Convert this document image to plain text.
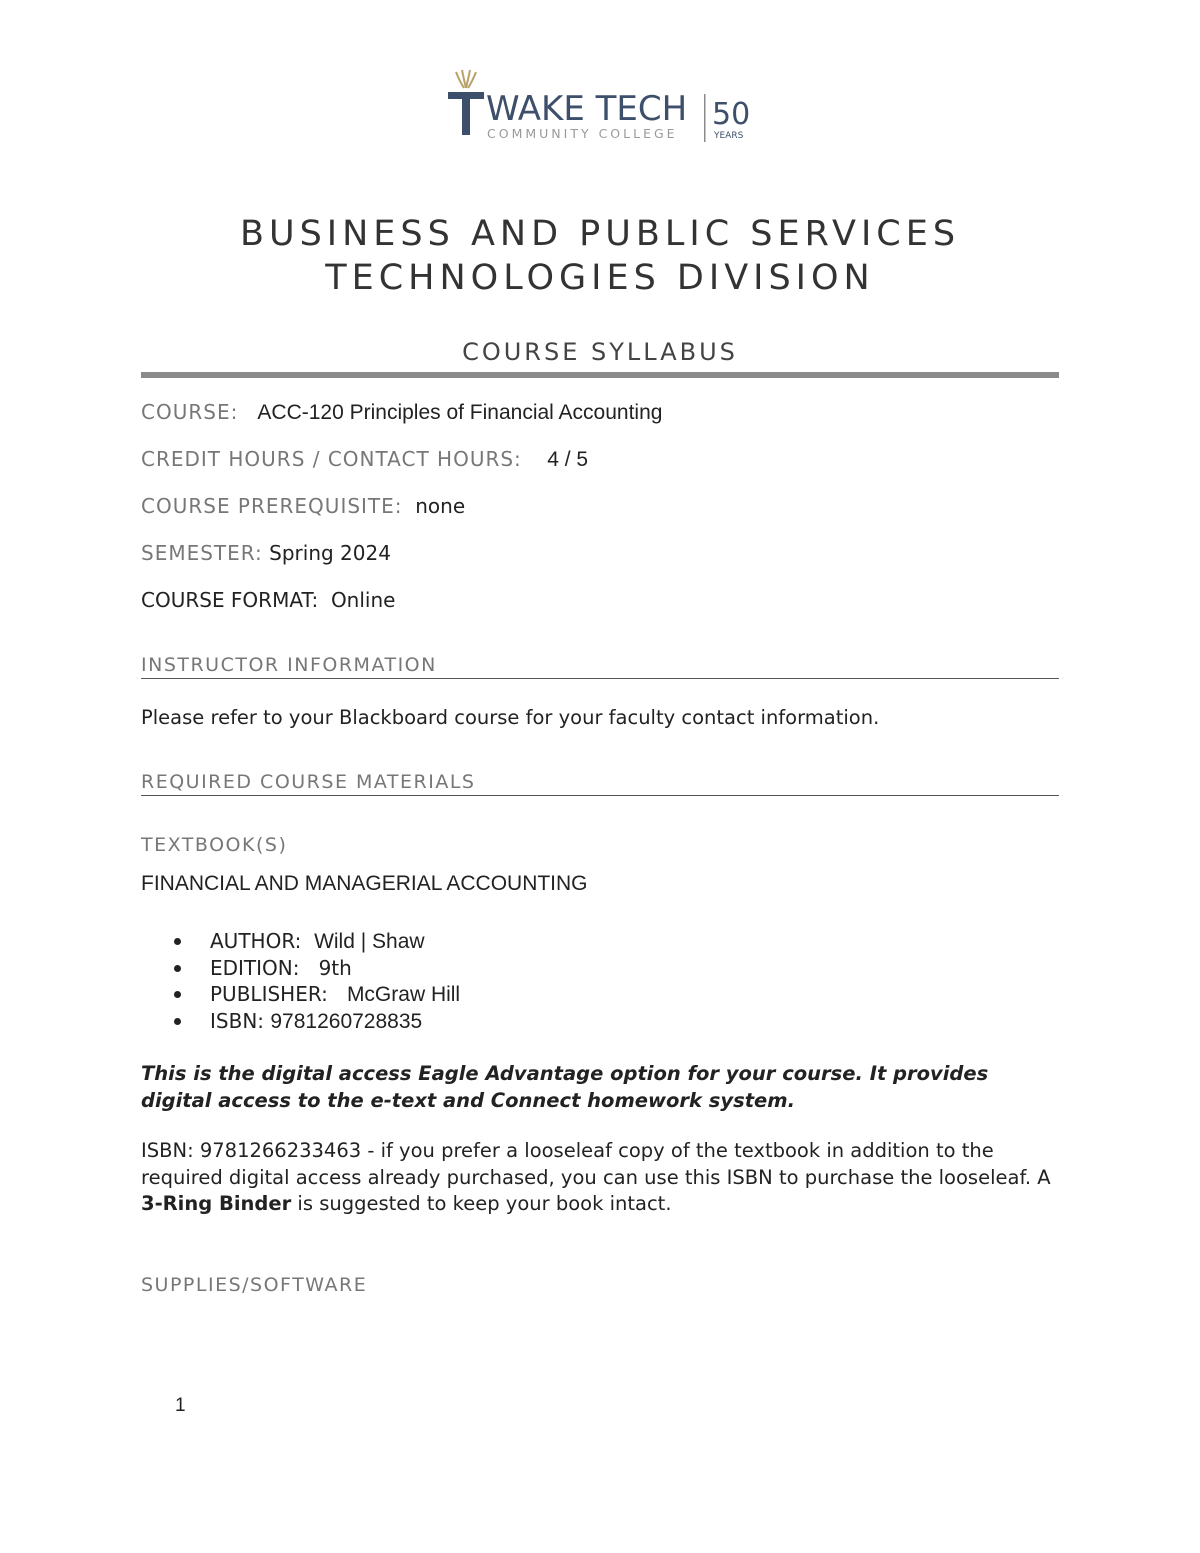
WAKE TECH
COMMUNITY COLLEGE
50
YEARS
BUSINESS AND PUBLIC SERVICES
TECHNOLOGIES DIVISION
COURSE SYLLABUS
COURSE: ACC-120 Principles of Financial Accounting
CREDIT HOURS / CONTACT HOURS: 4 / 5
COURSE PREREQUISITE: none
SEMESTER: Spring 2024
COURSE FORMAT: Online
INSTRUCTOR INFORMATION
Please refer to your Blackboard course for your faculty contact information.
REQUIRED COURSE MATERIALS
TEXTBOOK(S)
FINANCIAL AND MANAGERIAL ACCOUNTING
AUTHOR: Wild | Shaw
EDITION: 9th
PUBLISHER: McGraw Hill
ISBN: 9781260728835
This is the digital access Eagle Advantage option for your course. It provides digital access to the e-text and Connect homework system.
ISBN: 9781266233463 - if you prefer a looseleaf copy of the textbook in addition to the required digital access already purchased, you can use this ISBN to purchase the looseleaf. A 3-Ring Binder is suggested to keep your book intact.
SUPPLIES/SOFTWARE
1
